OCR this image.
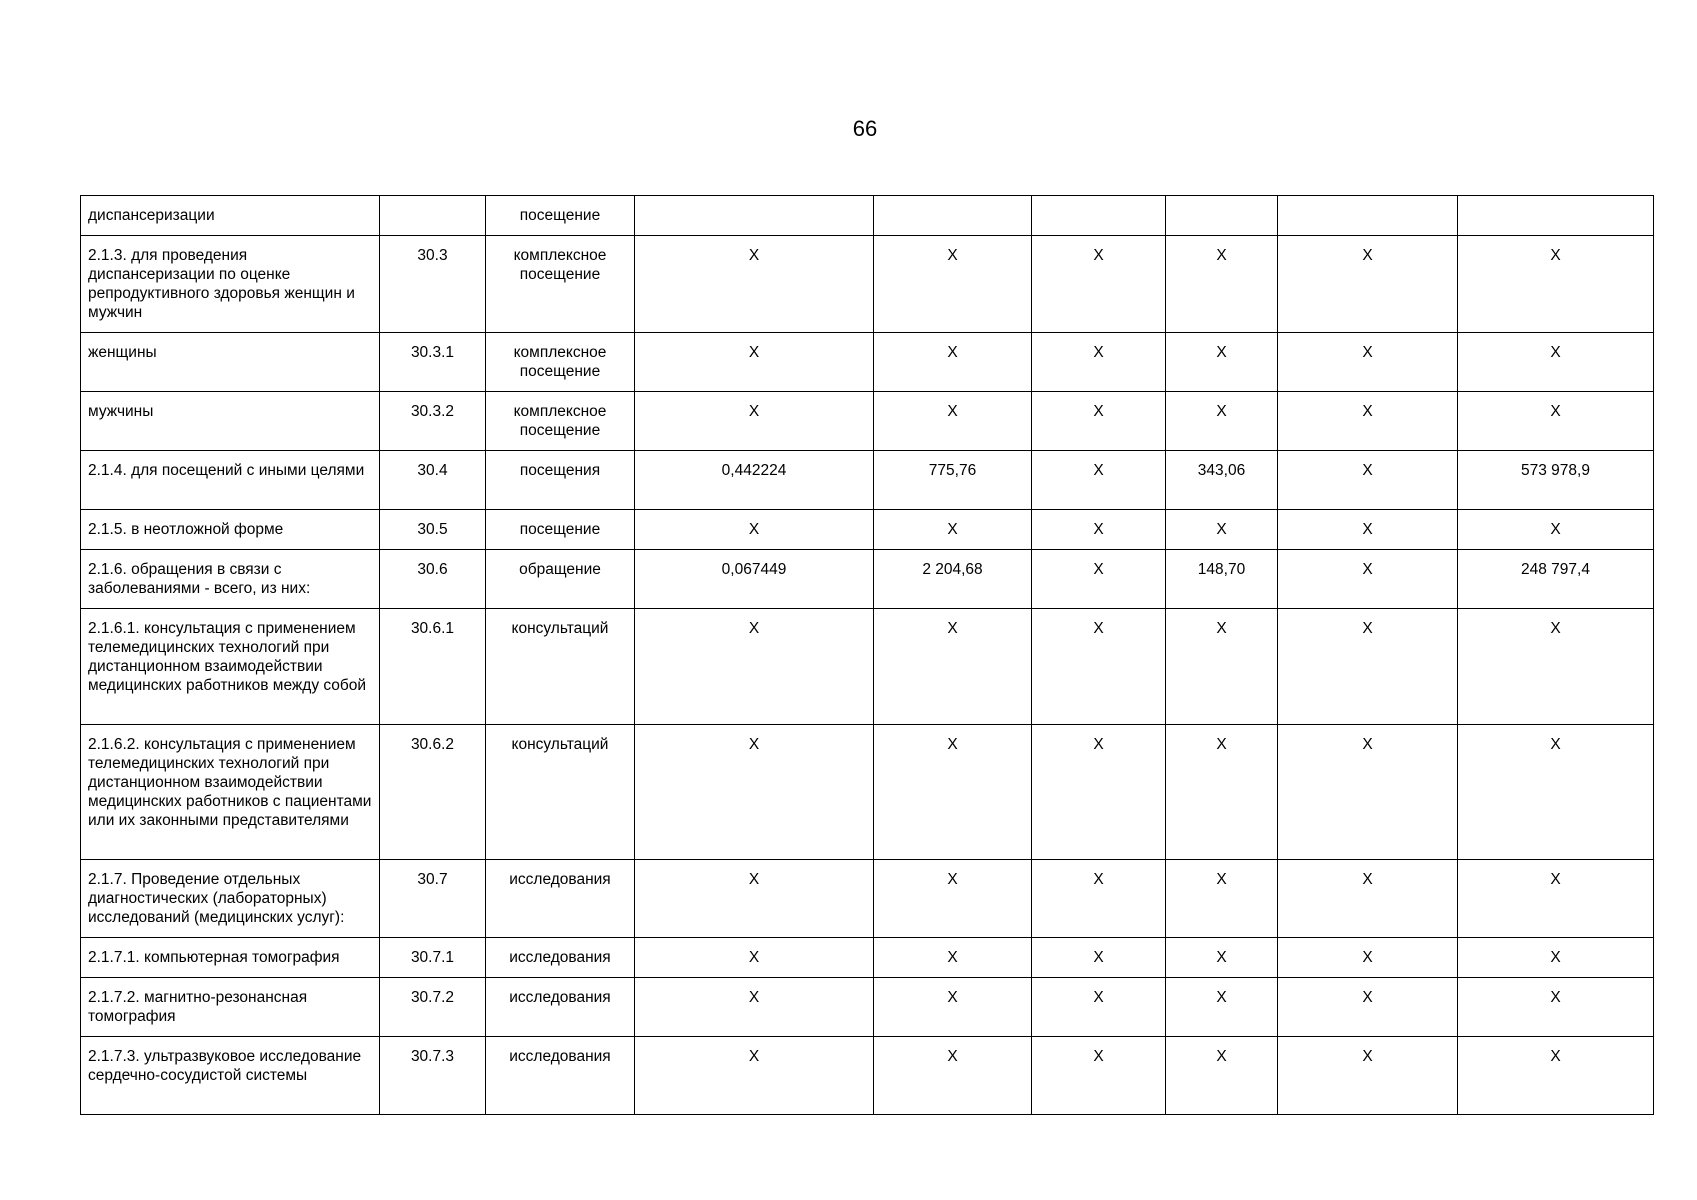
66
диспансеризации		посещение						
2.1.3. для проведения диспансеризации по оценке репродуктивного здоровья женщин и мужчин	30.3	комплексное посещение	Х	Х	Х	Х	Х	Х
женщины	30.3.1	комплексное посещение	Х	Х	Х	Х	Х	Х
мужчины	30.3.2	комплексное посещение	Х	Х	Х	Х	Х	Х
2.1.4. для посещений с иными целями	30.4	посещения	0,442224	775,76	Х	343,06	Х	573 978,9
2.1.5. в неотложной форме	30.5	посещение	Х	Х	Х	Х	Х	Х
2.1.6. обращения в связи с заболеваниями - всего, из них:	30.6	обращение	0,067449	2 204,68	Х	148,70	Х	248 797,4
2.1.6.1. консультация с применением телемедицинских технологий при дистанционном взаимодействии медицинских работников между собой	30.6.1	консультаций	Х	Х	Х	Х	Х	Х
2.1.6.2. консультация с применением телемедицинских технологий при дистанционном взаимодействии медицинских работников с пациентами или их законными представителями	30.6.2	консультаций	Х	Х	Х	Х	Х	Х
2.1.7. Проведение отдельных диагностических (лабораторных) исследований (медицинских услуг):	30.7	исследования	Х	Х	Х	Х	Х	Х
2.1.7.1. компьютерная томография	30.7.1	исследования	Х	Х	Х	Х	Х	Х
2.1.7.2. магнитно-резонансная томография	30.7.2	исследования	Х	Х	Х	Х	Х	Х
2.1.7.3. ультразвуковое исследование сердечно-сосудистой системы	30.7.3	исследования	Х	Х	Х	Х	Х	Х
